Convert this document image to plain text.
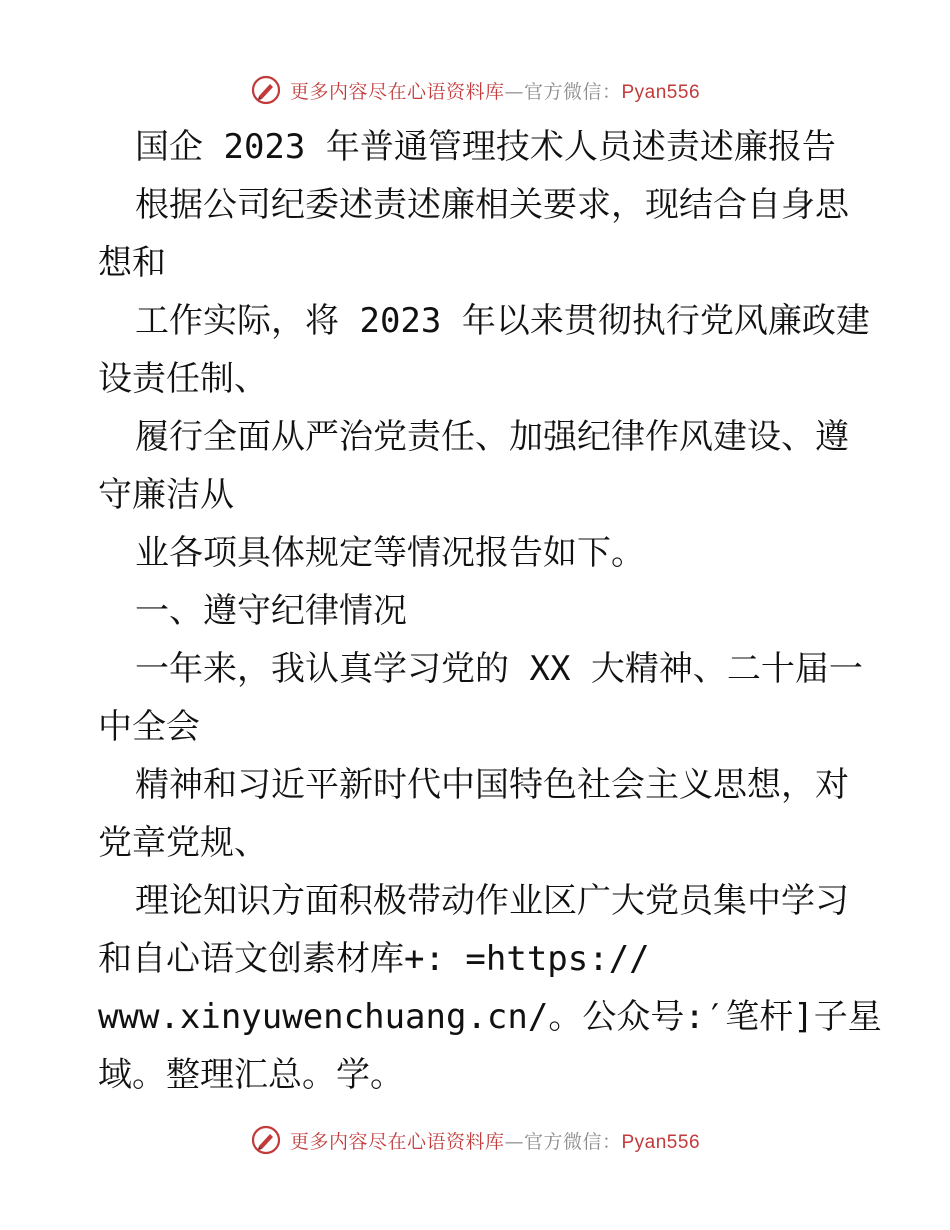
更多内容尽在心语资料库—官方微信：Pyan556
国企 2023 年普通管理技术人员述责述廉报告
根据公司纪委述责述廉相关要求，现结合自身思
想和
工作实际，将 2023 年以来贯彻执行党风廉政建
设责任制、
履行全面从严治党责任、加强纪律作风建设、遵
守廉洁从
业各项具体规定等情况报告如下。
一、遵守纪律情况
一年来，我认真学习党的 XX 大精神、二十届一
中全会
精神和习近平新时代中国特色社会主义思想，对
党章党规、
理论知识方面积极带动作业区广大党员集中学习
和自心语文创素材库+: =https://
www.xinyuwenchuang.cn/。公众号:′笔杆]子星
域。整理汇总。学。
更多内容尽在心语资料库—官方微信：Pyan556
